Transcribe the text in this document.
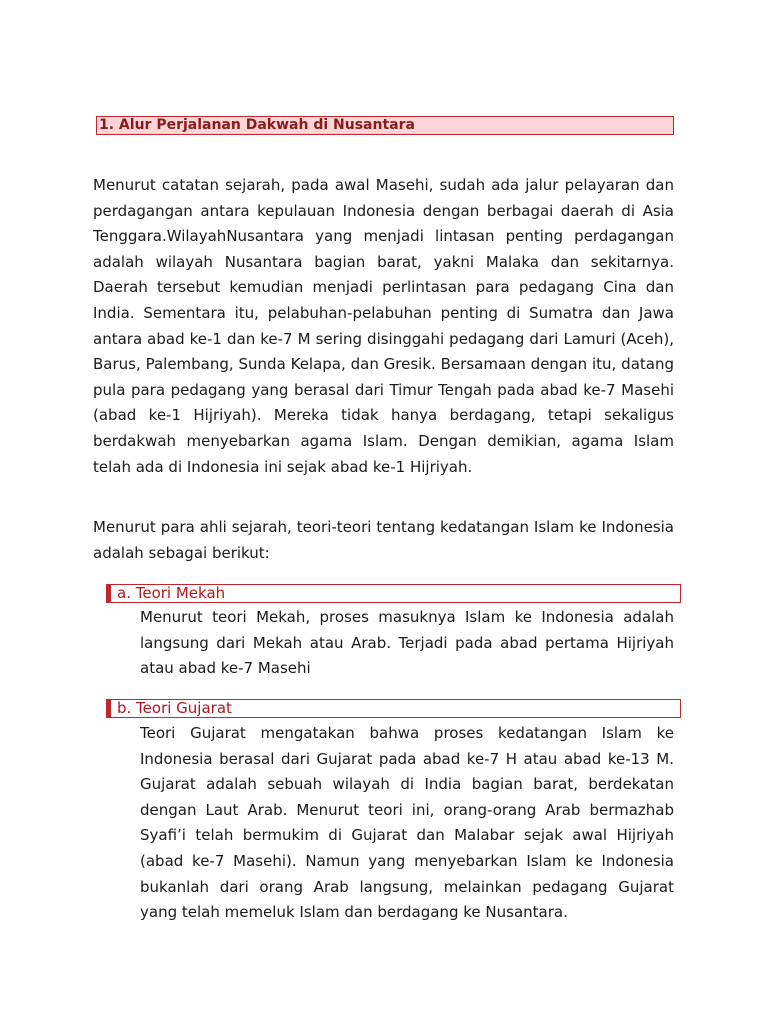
1. Alur Perjalanan Dakwah di Nusantara

Menurut catatan sejarah, pada awal Masehi, sudah ada jalur pelayaran dan perdagangan antara kepulauan Indonesia dengan berbagai daerah di Asia Tenggara.WilayahNusantara yang menjadi lintasan penting perdagangan adalah wilayah Nusantara bagian barat, yakni Malaka dan sekitarnya. Daerah tersebut kemudian menjadi perlintasan para pedagang Cina dan India. Sementara itu, pelabuhan-pelabuhan penting di Sumatra dan Jawa antara abad ke-1 dan ke-7 M sering disinggahi pedagang dari Lamuri (Aceh), Barus, Palembang, Sunda Kelapa, dan Gresik. Bersamaan dengan itu, datang pula para pedagang yang berasal dari Timur Tengah pada abad ke-7 Masehi (abad ke-1 Hijriyah). Mereka tidak hanya berdagang, tetapi sekaligus berdakwah menyebarkan agama Islam. Dengan demikian, agama Islam telah ada di Indonesia ini sejak abad ke-1 Hijriyah.

Menurut para ahli sejarah, teori-teori tentang kedatangan Islam ke Indonesia adalah sebagai berikut:

a. Teori Mekah

Menurut teori Mekah, proses masuknya Islam ke Indonesia adalah langsung dari Mekah atau Arab. Terjadi pada abad pertama Hijriyah atau abad ke-7 Masehi

b. Teori Gujarat

Teori Gujarat mengatakan bahwa proses kedatangan Islam ke Indonesia berasal dari Gujarat pada abad ke-7 H atau abad ke-13 M. Gujarat adalah sebuah wilayah di India bagian barat, berdekatan dengan Laut Arab. Menurut teori ini, orang-orang Arab bermazhab Syafi’i telah bermukim di Gujarat dan Malabar sejak awal Hijriyah (abad ke-7 Masehi). Namun yang menyebarkan Islam ke Indonesia bukanlah dari orang Arab langsung, melainkan pedagang Gujarat yang telah memeluk Islam dan berdagang ke Nusantara.
